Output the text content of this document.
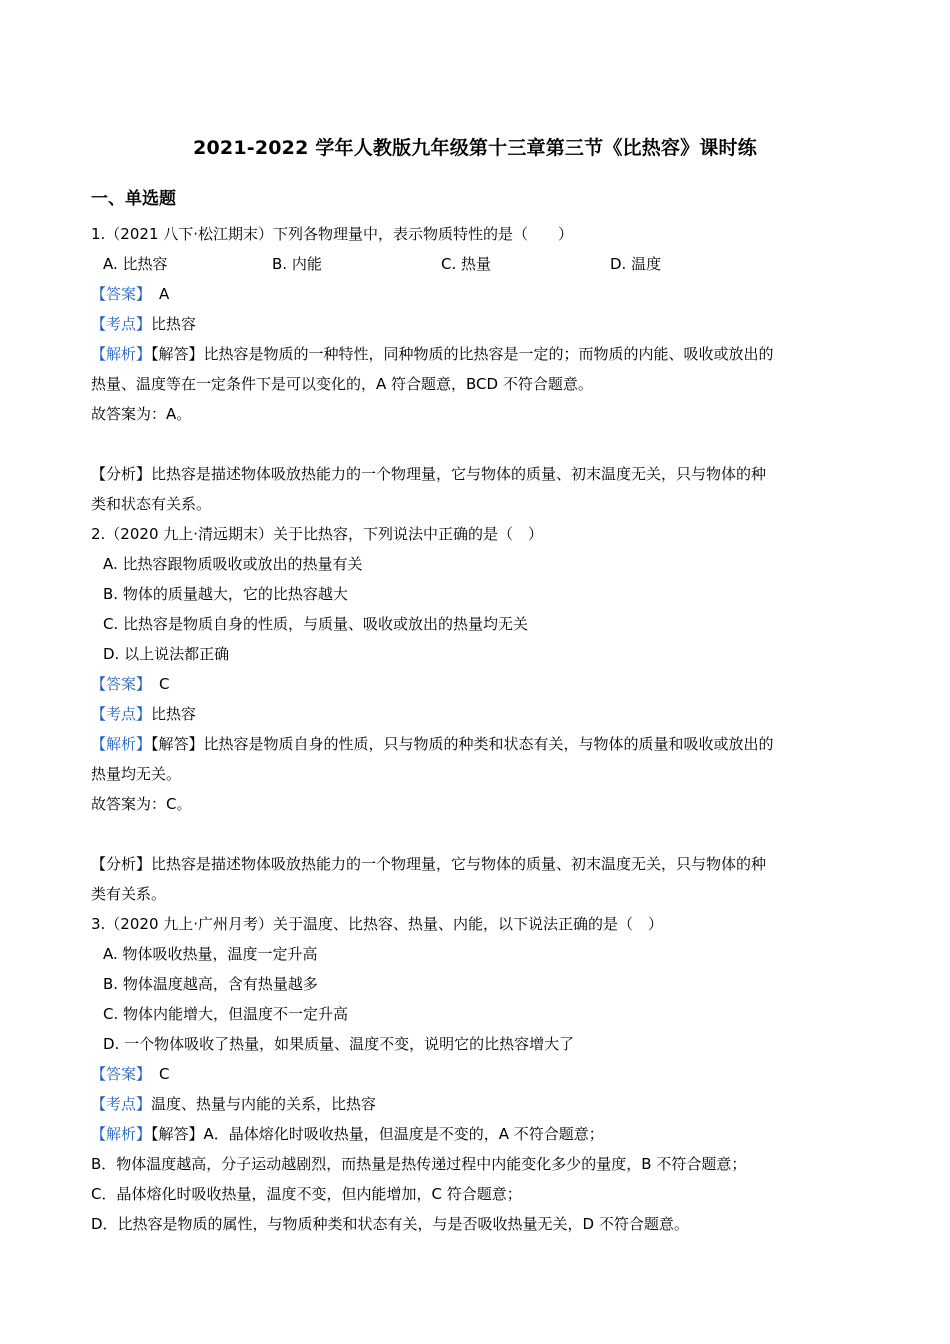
2021-2022 学年人教版九年级第十三章第三节《比热容》课时练
一、单选题
1.（2021 八下·松江期末）下列各物理量中，表示物质特性的是（　　）
A. 比热容	B. 内能	C. 热量	D. 温度
【答案】 A
【考点】比热容
【解析】【解答】比热容是物质的一种特性，同种物质的比热容是一定的；而物质的内能、吸收或放出的
热量、温度等在一定条件下是可以变化的，A 符合题意，BCD 不符合题意。
故答案为：A。
【分析】比热容是描述物体吸放热能力的一个物理量，它与物体的质量、初末温度无关，只与物体的种
类和状态有关系。
2.（2020 九上·清远期末）关于比热容，下列说法中正确的是（　）
A. 比热容跟物质吸收或放出的热量有关
B. 物体的质量越大，它的比热容越大
C. 比热容是物质自身的性质，与质量、吸收或放出的热量均无关
D. 以上说法都正确
【答案】 C
【考点】比热容
【解析】【解答】比热容是物质自身的性质，只与物质的种类和状态有关，与物体的质量和吸收或放出的
热量均无关。
故答案为：C。
【分析】比热容是描述物体吸放热能力的一个物理量，它与物体的质量、初末温度无关，只与物体的种
类有关系。
3.（2020 九上·广州月考）关于温度、比热容、热量、内能，以下说法正确的是（　）
A. 物体吸收热量，温度一定升高
B. 物体温度越高，含有热量越多
C. 物体内能增大，但温度不一定升高
D. 一个物体吸收了热量，如果质量、温度不变，说明它的比热容增大了
【答案】 C
【考点】温度、热量与内能的关系，比热容
【解析】【解答】A．晶体熔化时吸收热量，但温度是不变的，A 不符合题意；
B．物体温度越高，分子运动越剧烈，而热量是热传递过程中内能变化多少的量度，B 不符合题意；
C．晶体熔化时吸收热量，温度不变，但内能增加，C 符合题意；
D．比热容是物质的属性，与物质种类和状态有关，与是否吸收热量无关，D 不符合题意。
